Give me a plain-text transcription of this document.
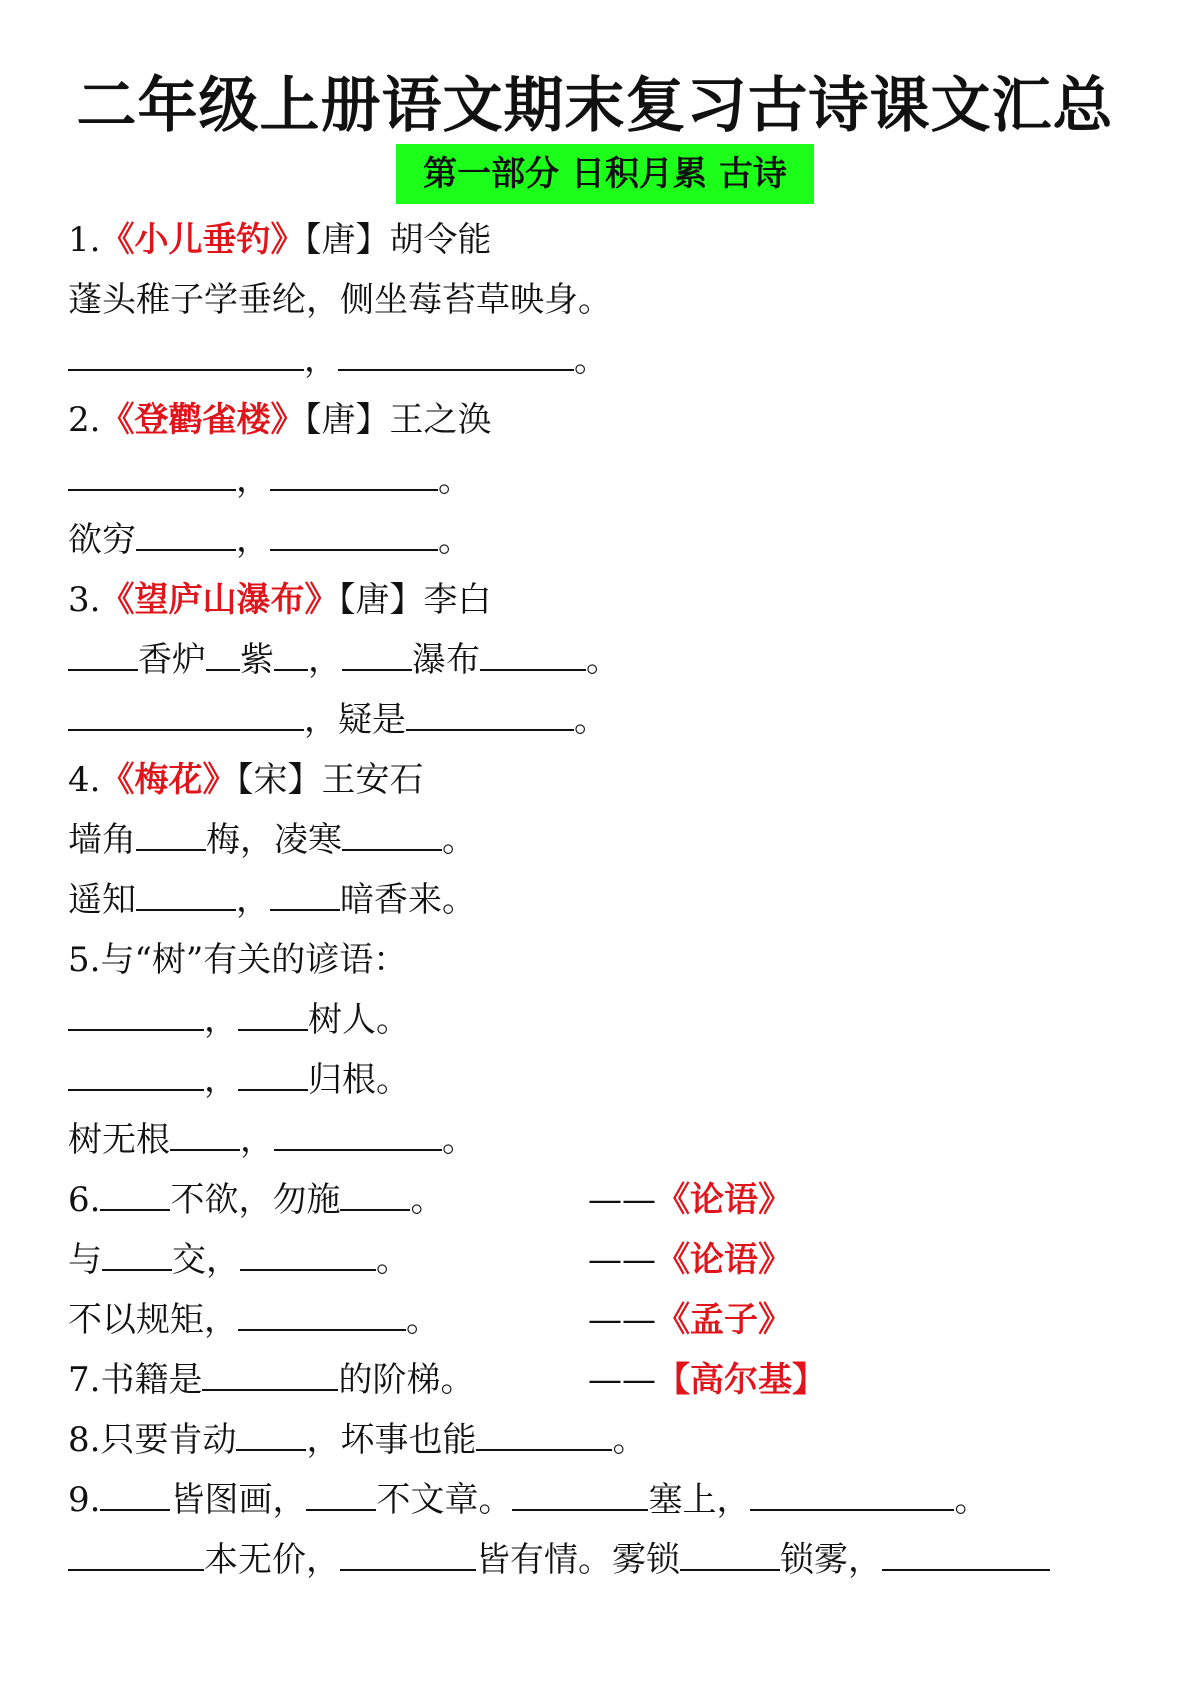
二年级上册语文期末复习古诗课文汇总
第一部分 日积月累 古诗
1.《小儿垂钓》【唐】胡令能
蓬头稚子学垂纶，侧坐莓苔草映身。
，	。
2.《登鹳雀楼》【唐】王之涣
，	。
欲穷	，	。
3.《望庐山瀑布》【唐】李白
香炉 紫 ， 瀑布	。
，疑是	。
4.《梅花》【宋】王安石
墙角 梅，凌寒	。
遥知	， 暗香来。
5.与“树”有关的谚语：
， 树人。
， 归根。
树无根 ，	。
6. 不欲，勿施 。	——《论语》
与 交，	。	——《论语》
不以规矩，	。	——《孟子》
7.书籍是	的阶梯。	——【高尔基】
8.只要肯动 ，坏事也能	。
9. 皆图画， 不文章。	塞上，	。
本无价，	皆有情。雾锁	锁雾，
